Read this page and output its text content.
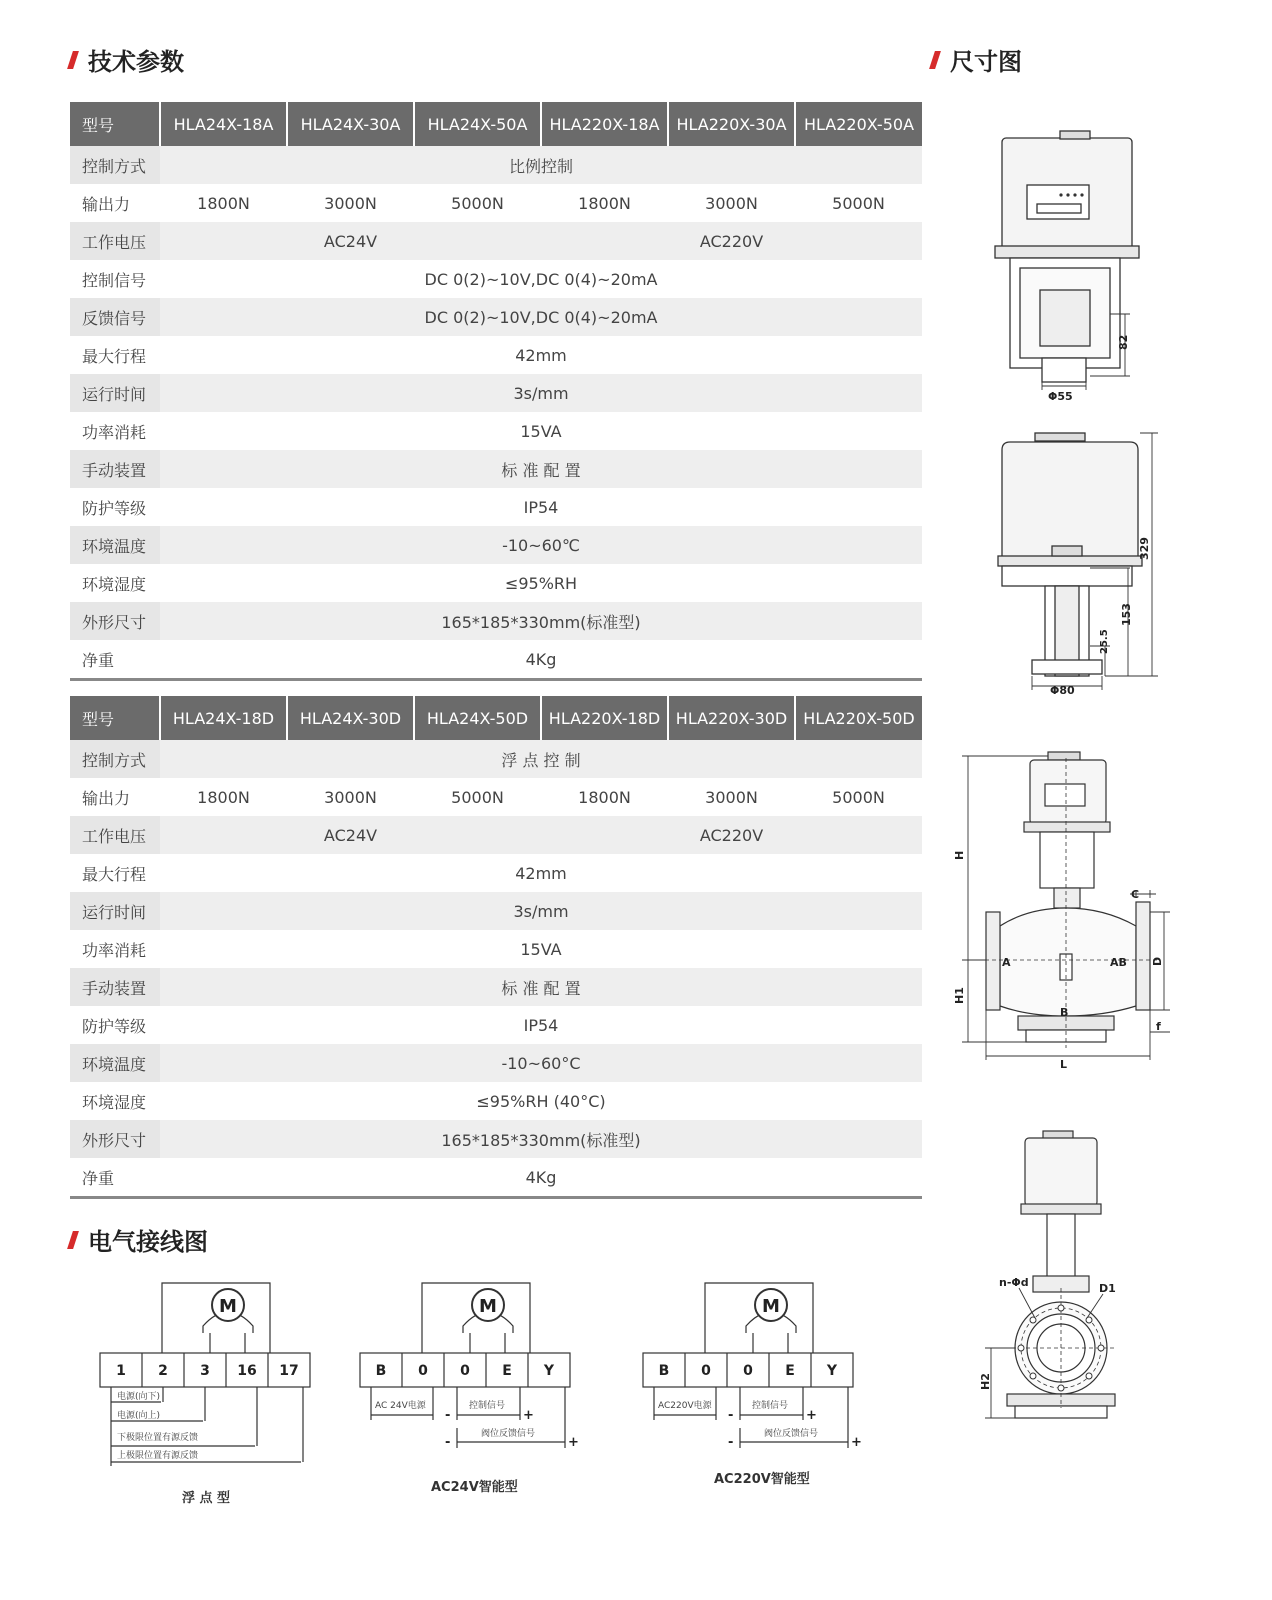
技术参数	尺寸图
电气接线图
型号	HLA24X-18A	HLA24X-30A	HLA24X-50A	HLA220X-18A	HLA220X-30A	HLA220X-50A
控制方式	比例控制					
输出力	1800N	3000N	5000N	1800N	3000N	5000N
工作电压	AC24V			AC220V		
控制信号	DC 0(2)~10V,DC 0(4)~20mA					
反馈信号	DC 0(2)~10V,DC 0(4)~20mA					
最大行程	42mm					
运行时间	3s/mm					
功率消耗	15VA					
手动装置	标 准 配 置					
防护等级	IP54					
环境温度	-10~60℃					
环境湿度	≤95%RH					
外形尺寸	165*185*330mm(标准型)					
净重	4Kg					
型号	HLA24X-18D	HLA24X-30D	HLA24X-50D	HLA220X-18D	HLA220X-30D	HLA220X-50D
控制方式	浮 点 控 制					
输出力	1800N	3000N	5000N	1800N	3000N	5000N
工作电压	AC24V			AC220V		
最大行程	42mm					
运行时间	3s/mm					
功率消耗	15VA					
手动装置	标 准 配 置					
防护等级	IP54					
环境温度	-10~60°C					
环境湿度	≤95%RH (40°C)					
外形尺寸	165*185*330mm(标准型)					
净重	4Kg					
M
1 2 3 16 17
电源(向下)
电源(向上)
下极限位置有源反馈
上极限位置有源反馈
浮 点 型
M
B 0 0 E Y
AC 24V电源	控制信号
阀位反馈信号
-	+
-	+
AC24V智能型
M
B 0 0 E Y
AC220V电源	控制信号
阀位反馈信号
-	+
-	+
AC220V智能型
82
Φ55
329
153
25.5
Φ80
H
H1
C
D
f
L
A	AB
B
n-Φd	D1
H2
